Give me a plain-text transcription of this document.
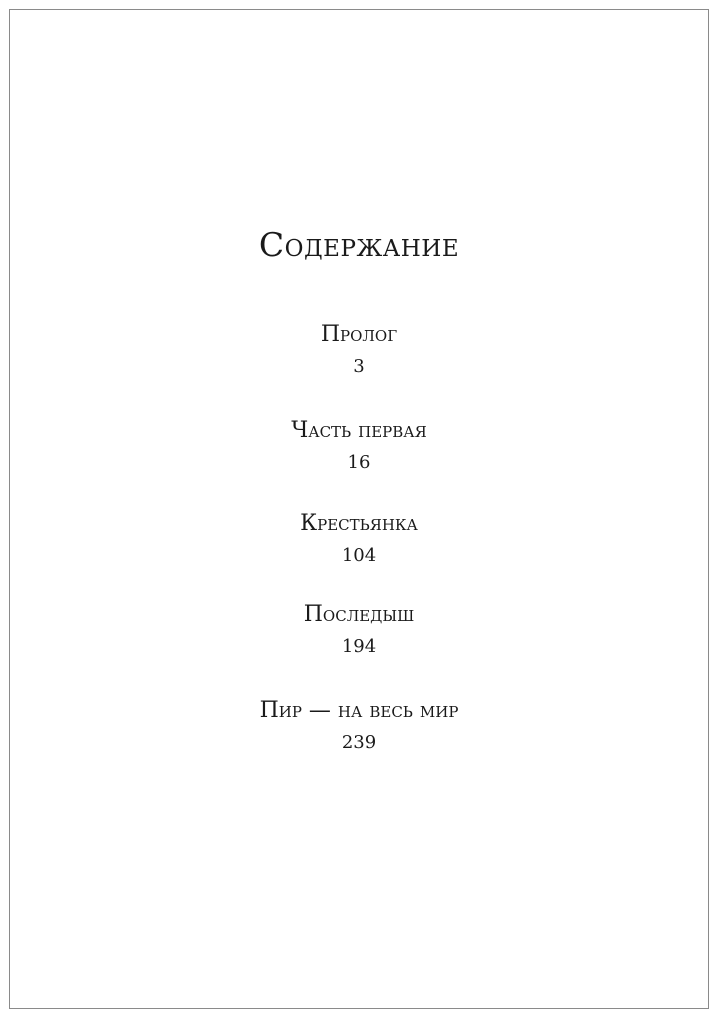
Содержание
Пролог
3
Часть первая
16
Крестьянка
104
Последыш
194
Пир — на весь мир
239
